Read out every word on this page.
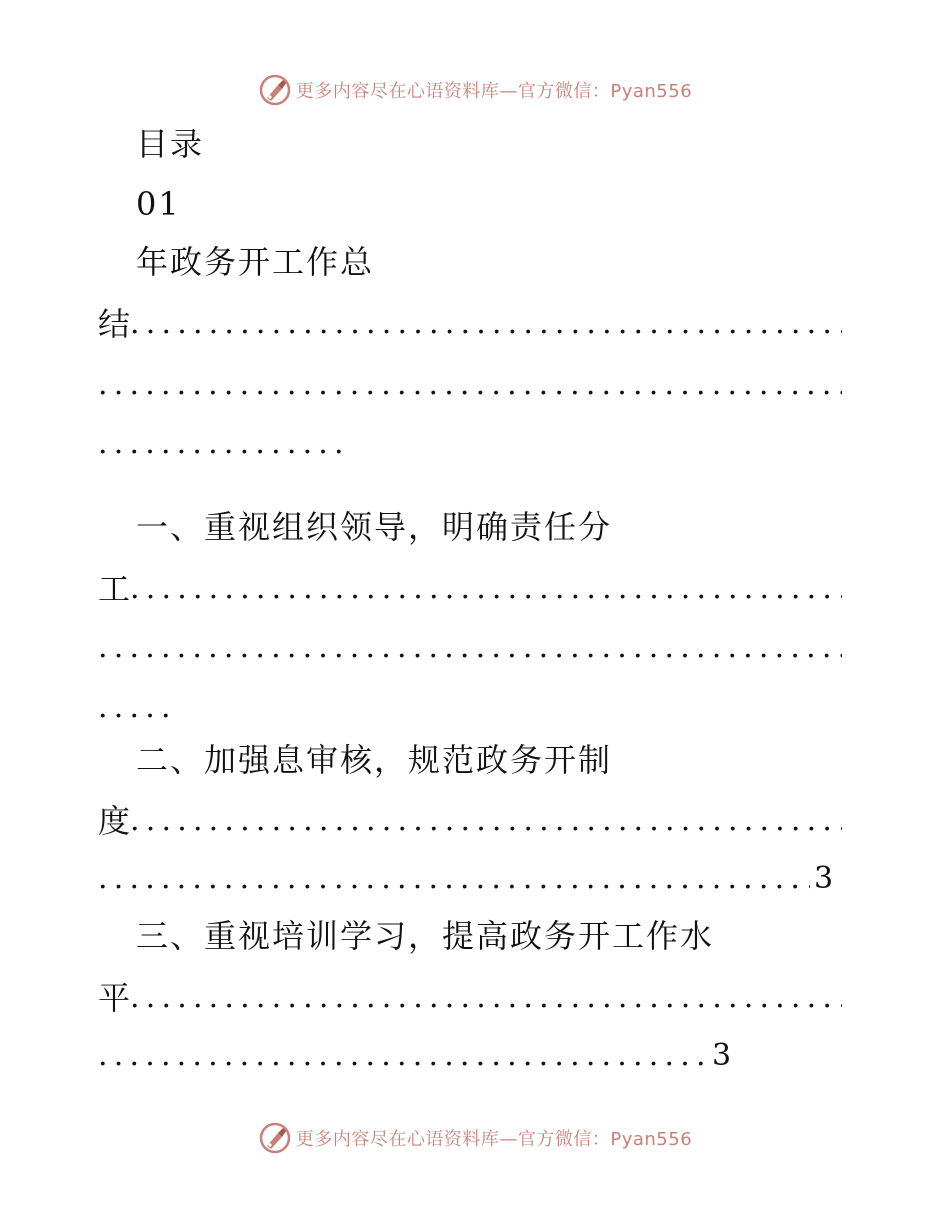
更多内容尽在心语资料库—官方微信：Pyan556
目录
01
年政务开工作总
结
.....
.....
.....
一、重视组织领导，明确责任分
工
.....
.....
.....
二、加强息审核，规范政务开制
度
.....
.....
3
三、重视培训学习，提高政务开工作水
平
.....
.....
3
更多内容尽在心语资料库—官方微信：Pyan556
